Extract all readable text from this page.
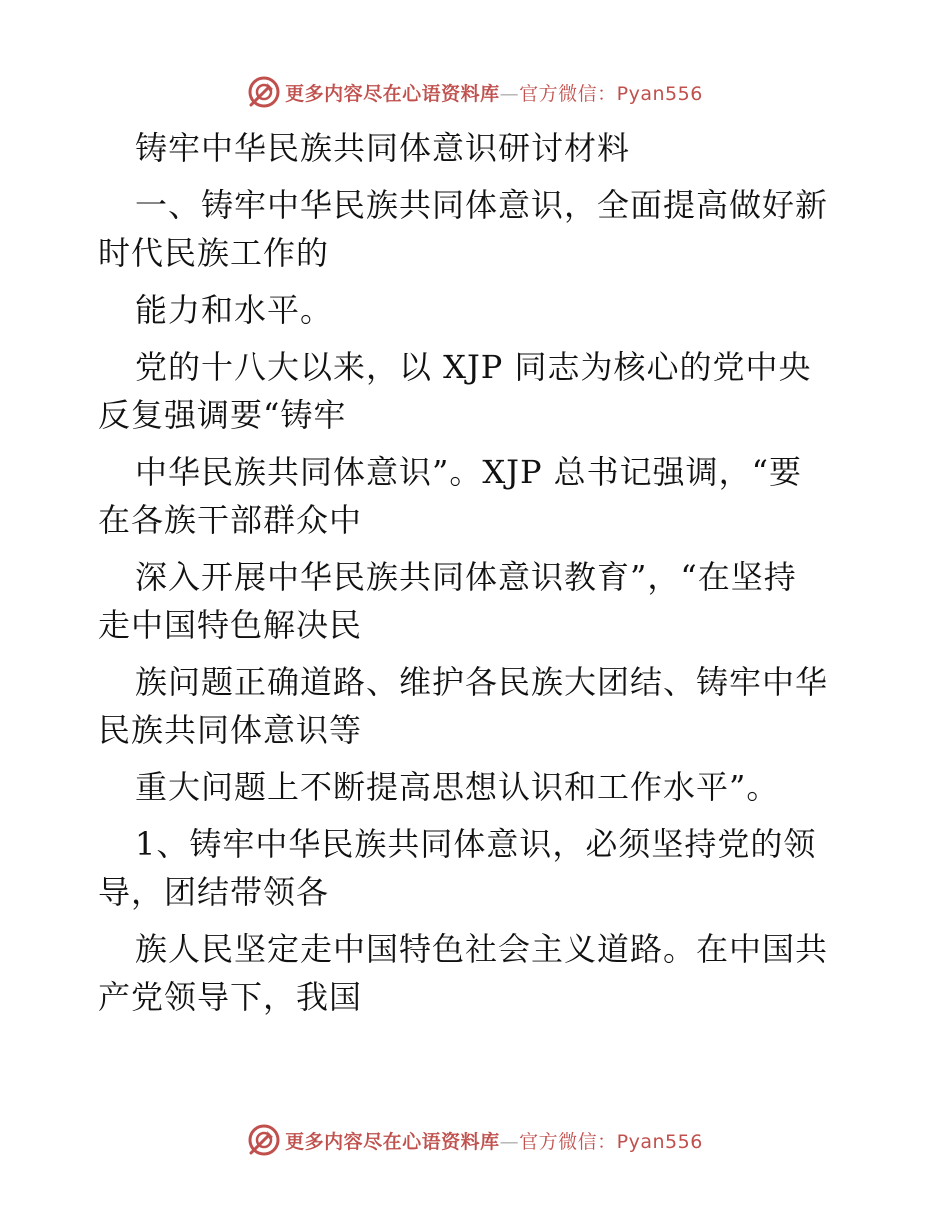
更多内容尽在心语资料库—官方微信：Pyan556
铸牢中华民族共同体意识研讨材料
一、铸牢中华民族共同体意识，全面提高做好新
时代民族工作的
能力和水平。
党的十八大以来，以 XJP 同志为核心的党中央
反复强调要“铸牢
中华民族共同体意识”。XJP 总书记强调，“要
在各族干部群众中
深入开展中华民族共同体意识教育”，“在坚持
走中国特色解决民
族问题正确道路、维护各民族大团结、铸牢中华
民族共同体意识等
重大问题上不断提高思想认识和工作水平”。
1、铸牢中华民族共同体意识，必须坚持党的领
导，团结带领各
族人民坚定走中国特色社会主义道路。在中国共
产党领导下，我国
更多内容尽在心语资料库—官方微信：Pyan556
